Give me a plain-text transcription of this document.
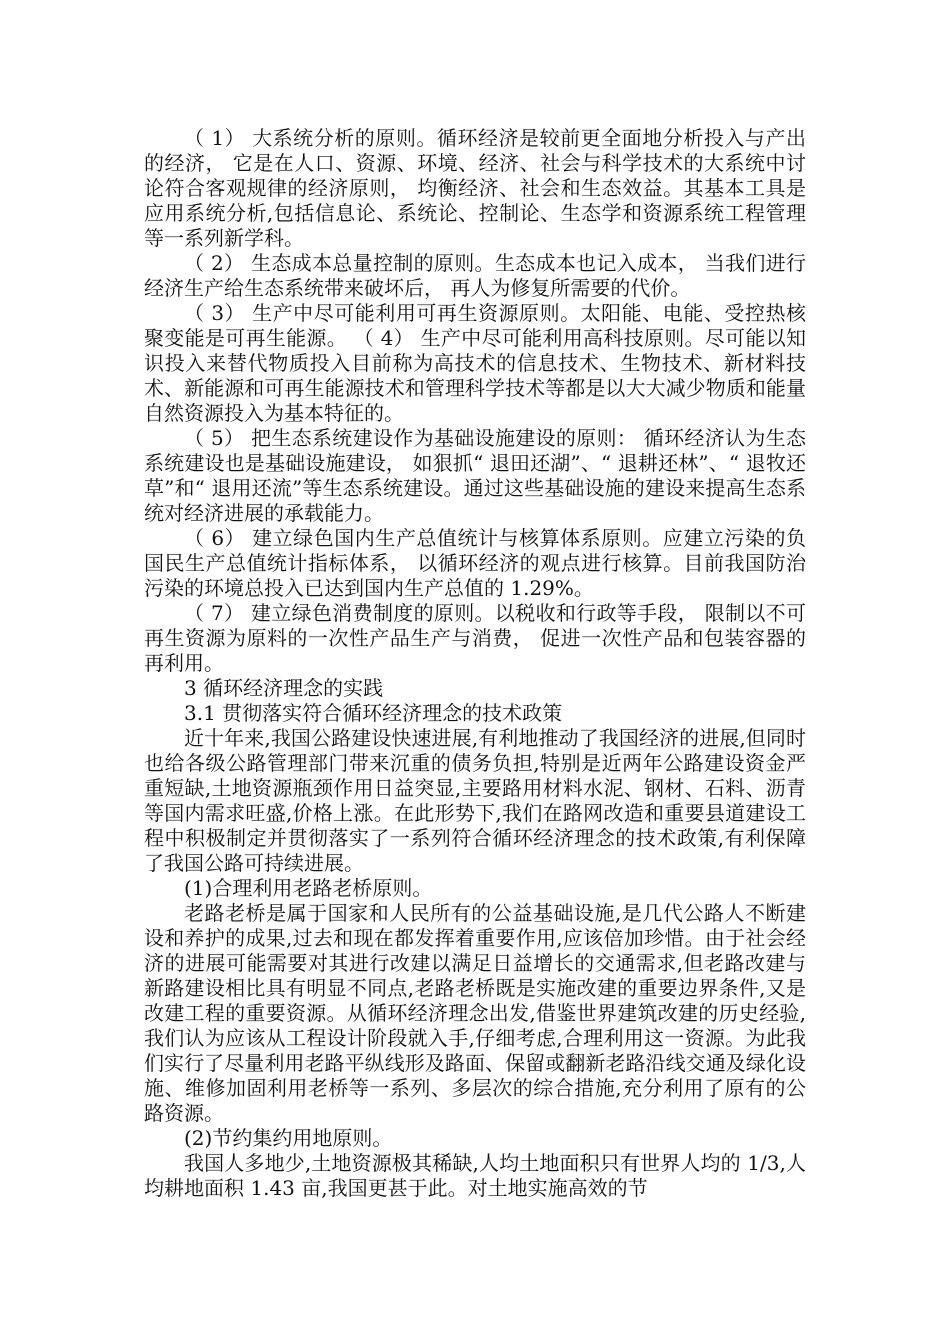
（ 1） 大系统分析的原则。循环经济是较前更全面地分析投入与产出的经济， 它是在人口、资源、环境、经济、社会与科学技术的大系统中讨论符合客观规律的经济原则， 均衡经济、社会和生态效益。其基本工具是应用系统分析,包括信息论、系统论、控制论、生态学和资源系统工程管理等一系列新学科。

（ 2） 生态成本总量控制的原则。生态成本也记入成本， 当我们进行经济生产给生态系统带来破坏后， 再人为修复所需要的代价。

（ 3） 生产中尽可能利用可再生资源原则。太阳能、电能、受控热核聚变能是可再生能源。 （ 4） 生产中尽可能利用高科技原则。尽可能以知识投入来替代物质投入目前称为高技术的信息技术、生物技术、新材料技术、新能源和可再生能源技术和管理科学技术等都是以大大减少物质和能量自然资源投入为基本特征的。

（ 5） 把生态系统建设作为基础设施建设的原则： 循环经济认为生态系统建设也是基础设施建设， 如狠抓“ 退田还湖”、“ 退耕还林”、“ 退牧还草”和“ 退用还流”等生态系统建设。通过这些基础设施的建设来提高生态系统对经济进展的承载能力。

（ 6） 建立绿色国内生产总值统计与核算体系原则。应建立污染的负国民生产总值统计指标体系， 以循环经济的观点进行核算。目前我国防治污染的环境总投入已达到国内生产总值的 1.29%。

（ 7） 建立绿色消费制度的原则。以税收和行政等手段， 限制以不可再生资源为原料的一次性产品生产与消费， 促进一次性产品和包装容器的再利用。

3 循环经济理念的实践

3.1 贯彻落实符合循环经济理念的技术政策

近十年来,我国公路建设快速进展,有利地推动了我国经济的进展,但同时也给各级公路管理部门带来沉重的债务负担,特别是近两年公路建设资金严重短缺,土地资源瓶颈作用日益突显,主要路用材料水泥、钢材、石料、沥青等国内需求旺盛,价格上涨。在此形势下,我们在路网改造和重要县道建设工程中积极制定并贯彻落实了一系列符合循环经济理念的技术政策,有利保障了我国公路可持续进展。

(1)合理利用老路老桥原则。

老路老桥是属于国家和人民所有的公益基础设施,是几代公路人不断建设和养护的成果,过去和现在都发挥着重要作用,应该倍加珍惜。由于社会经济的进展可能需要对其进行改建以满足日益增长的交通需求,但老路改建与新路建设相比具有明显不同点,老路老桥既是实施改建的重要边界条件,又是改建工程的重要资源。从循环经济理念出发,借鉴世界建筑改建的历史经验,我们认为应该从工程设计阶段就入手,仔细考虑,合理利用这一资源。为此我们实行了尽量利用老路平纵线形及路面、保留或翻新老路沿线交通及绿化设施、维修加固利用老桥等一系列、多层次的综合措施,充分利用了原有的公路资源。

(2)节约集约用地原则。

我国人多地少,土地资源极其稀缺,人均土地面积只有世界人均的 1/3,人均耕地面积 1.43 亩,我国更甚于此。对土地实施高效的节
